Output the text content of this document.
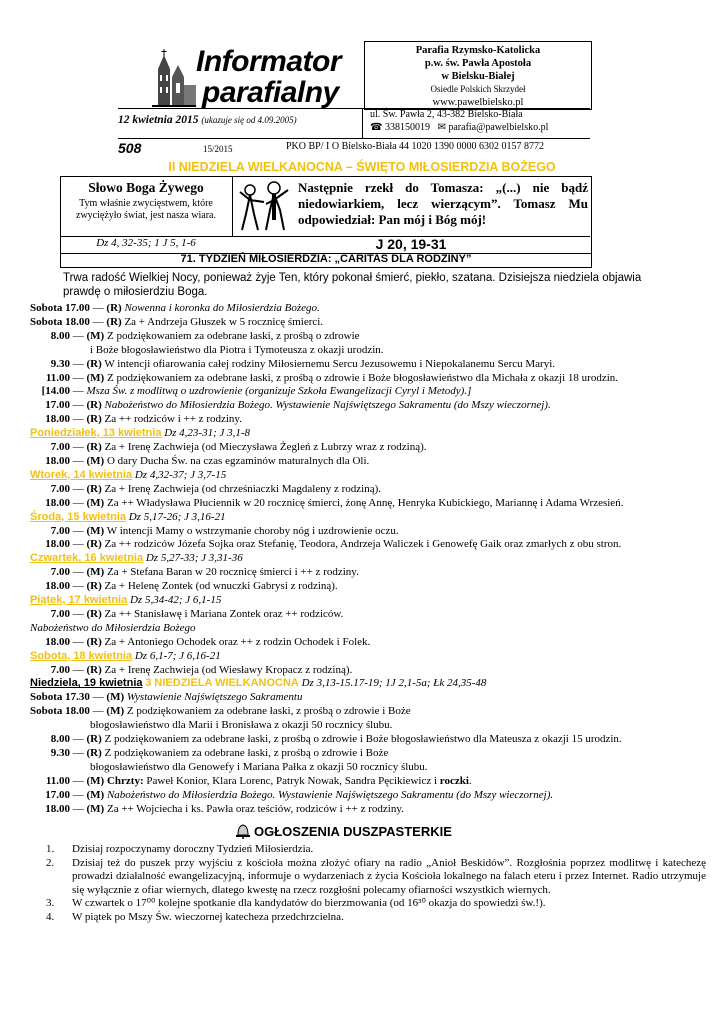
Informator
parafialny
Parafia Rzymsko-Katolicka
p.w. św. Pawła Apostoła
w Bielsku-Białej
Osiedle Polskich Skrzydeł
www.pawelbielsko.pl
12 kwietnia 2015 (ukazuje się od 4.09.2005)	ul. Św. Pawła 2, 43-382 Bielsko-Biała
☎ 338150019 ✉ parafia@pawelbielsko.pl
508	15/2015	PKO BP/ I O Bielsko-Biała 44 1020 1390 0000 6302 0157 8772
II NIEDZIELA WIELKANOCNA – ŚWIĘTO MIŁOSIERDZIA BOŻEGO
Słowo Boga Żywego
Tym właśnie zwycięstwem, które zwyciężyło świat, jest nasza wiara.
Następnie rzekł do Tomasza: „(...) nie bądź niedowiarkiem, lecz wierzącym”. Tomasz Mu odpowiedział: Pan mój i Bóg mój!
Dz 4, 32-35; 1 J 5, 1-6	J 20, 19-31
71. TYDZIEŃ MIŁOSIERDZIA: „CARITAS DLA RODZINY”
Trwa radość Wielkiej Nocy, ponieważ żyje Ten, który pokonał śmierć, piekło, szatana. Dzisiejsza niedziela objawia prawdę o miłosierdziu Boga.
Sobota 17.00 — (R) Nowenna i koronka do Miłosierdzia Bożego.
Sobota 18.00 — (R) Za + Andrzeja Głuszek w 5 rocznicę śmierci.
8.00 — (M) Z podziękowaniem za odebrane łaski, z prośbą o zdrowie
i Boże błogosławieństwo dla Piotra i Tymoteusza z okazji urodzin.
9.30 — (R) W intencji ofiarowania całej rodziny Miłosiernemu Sercu Jezusowemu i Niepokalanemu Sercu Maryi.
11.00 — (M) Z podziękowaniem za odebrane łaski, z prośbą o zdrowie i Boże błogosławieństwo dla Michała z okazji 18 urodzin.
[14.00 — Msza Św. z modlitwą o uzdrowienie (organizuje Szkoła Ewangelizacji Cyryl i Metody).]
17.00 — (R) Nabożeństwo do Miłosierdzia Bożego. Wystawienie Najświętszego Sakramentu (do Mszy wieczornej).
18.00 — (R) Za ++ rodziców i ++ z rodziny.
Poniedziałek, 13 kwietnia Dz 4,23-31; J 3,1-8
7.00 — (R) Za + Irenę Zachwieja (od Mieczysława Żegleń z Lubrzy wraz z rodziną).
18.00 — (M) O dary Ducha Św. na czas egzaminów maturalnych dla Oli.
Wtorek, 14 kwietnia Dz 4,32-37; J 3,7-15
7.00 — (R) Za + Irenę Zachwieja (od chrześniaczki Magdaleny z rodziną).
18.00 — (M) Za ++ Władysława Płuciennik w 20 rocznicę śmierci, żonę Annę, Henryka Kubickiego, Mariannę i Adama Wrzesień.
Środa, 15 kwietnia Dz 5,17-26; J 3,16-21
7.00 — (M) W intencji Mamy o wstrzymanie choroby nóg i uzdrowienie oczu.
18.00 — (R) Za ++ rodziców Józefa Sojka oraz Stefanię, Teodora, Andrzeja Waliczek i Genowefę Gaik oraz zmarłych z obu stron.
Czwartek, 16 kwietnia Dz 5,27-33; J 3,31-36
7.00 — (M) Za + Stefana Baran w 20 rocznicę śmierci i ++ z rodziny.
18.00 — (R) Za + Helenę Zontek (od wnuczki Gabrysi z rodziną).
Piątek, 17 kwietnia Dz 5,34-42; J 6,1-15
7.00 — (R) Za ++ Stanisławę i Mariana Zontek oraz ++ rodziców.
Nabożeństwo do Miłosierdzia Bożego
18.00 — (R) Za + Antoniego Ochodek oraz ++ z rodzin Ochodek i Folek.
Sobota, 18 kwietnia Dz 6,1-7; J 6,16-21
7.00 — (R) Za + Irenę Zachwieja (od Wiesławy Kropacz z rodziną).
Niedziela, 19 kwietnia 3 NIEDZIELA WIELKANOCNA Dz 3,13-15.17-19; 1J 2,1-5a; Łk 24,35-48
Sobota 17.30 — (M) Wystawienie Najświętszego Sakramentu
Sobota 18.00 — (M) Z podziękowaniem za odebrane łaski, z prośbą o zdrowie i Boże
błogosławieństwo dla Marii i Bronisława z okazji 50 rocznicy ślubu.
8.00 — (R) Z podziękowaniem za odebrane łaski, z prośbą o zdrowie i Boże błogosławieństwo dla Mateusza z okazji 15 urodzin.
9.30 — (R) Z podziękowaniem za odebrane łaski, z prośbą o zdrowie i Boże
błogosławieństwo dla Genowefy i Mariana Pałka z okazji 50 rocznicy ślubu.
11.00 — (M) Chrzty: Paweł Konior, Klara Lorenc, Patryk Nowak, Sandra Pęcikiewicz i roczki.
17.00 — (M) Nabożeństwo do Miłosierdzia Bożego. Wystawienie Najświętszego Sakramentu (do Mszy wieczornej).
18.00 — (M) Za ++ Wojciecha i ks. Pawła oraz teściów, rodziców i ++ z rodziny.
OGŁOSZENIA DUSZPASTERKIE
1.	Dzisiaj rozpoczynamy doroczny Tydzień Miłosierdzia.
2.	Dzisiaj też do puszek przy wyjściu z kościoła można złożyć ofiary na radio „Anioł Beskidów”. Rozgłośnia poprzez modlitwę i katechezę prowadzi działalność ewangelizacyjną, informuje o wydarzeniach z życia Kościoła lokalnego na falach eteru i przez Internet. Radio utrzymuje się wyłącznie z ofiar wiernych, dlatego kwestę na rzecz rozgłośni polecamy ofiarności wszystkich wiernych.
3.	W czwartek o 17⁰⁰ kolejne spotkanie dla kandydatów do bierzmowania (od 16³⁰ okazja do spowiedzi św.!).
4.	W piątek po Mszy Św. wieczornej katecheza przedchrzcielna.
